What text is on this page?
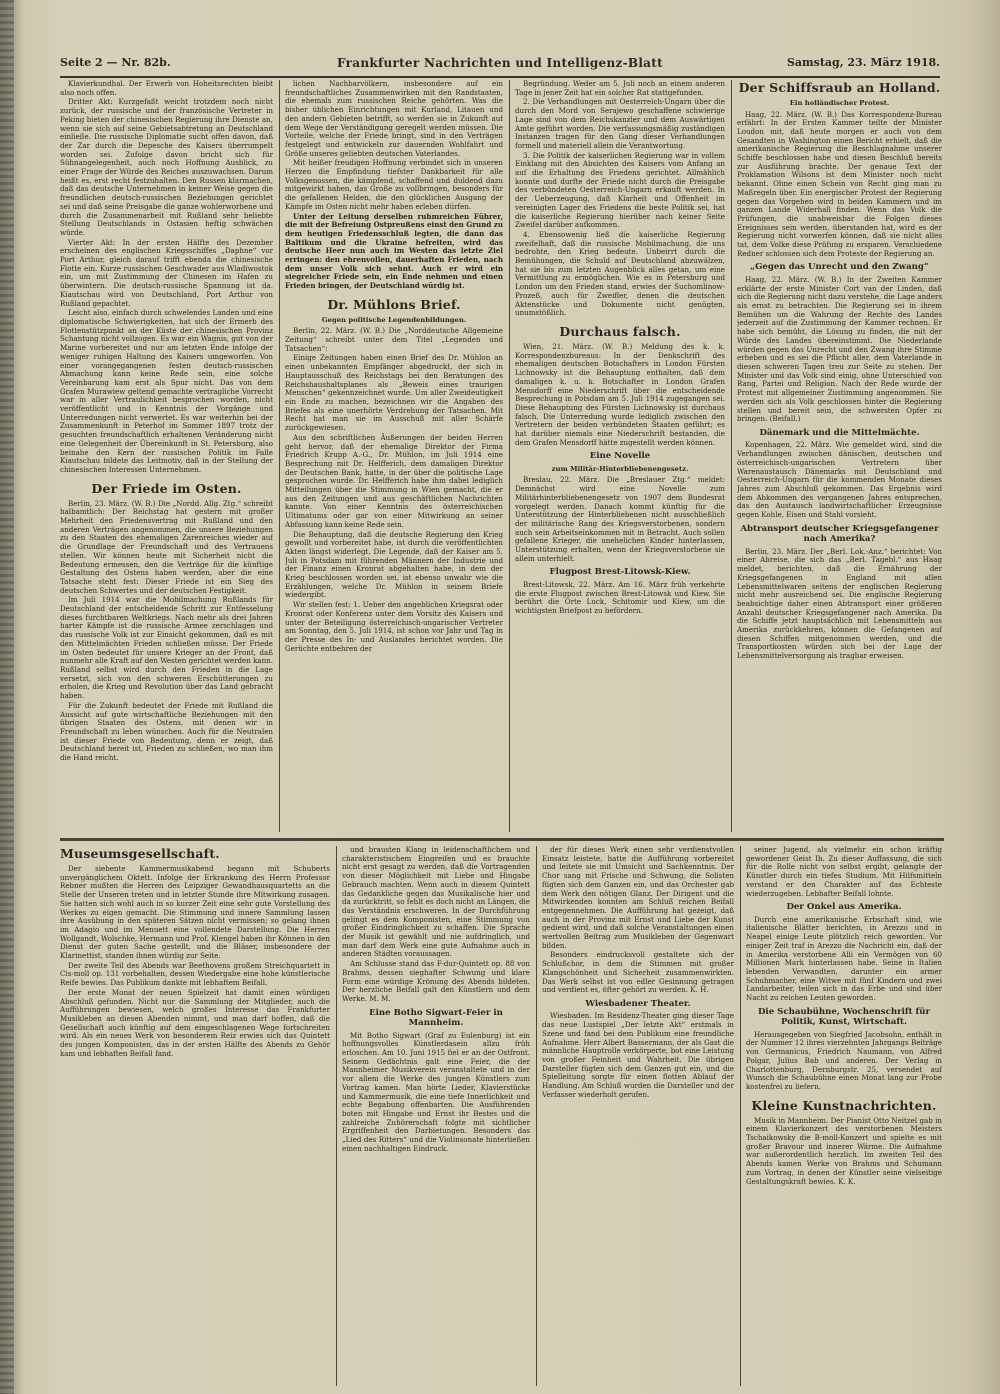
Seite 2 — Nr. 82b.	Frankfurter Nachrichten und Intelligenz-Blatt	Samstag, 23. März 1918.

Klavierkundhal. Der Erwerb von Hoheitsrechten bleibt also noch offen.

Dritter Akt: Kurzgefaßt weicht trotzdem noch nicht zurück, der russische und der französische Vertreter in Peking bieten der chinesischen Regierung ihre Dienste an, wenn sie sich auf seine Gebietsabtretung an Deutschland einließe. Die russische Diplomatie sucht offen davon, daß der Zar durch die Depesche des Kaisers überrumpelt worden sei. Zufolge davon bricht sich für Sühnangelegenheit, auch noch Hoffnung Ausblick, zu einer Frage der Würde des Reiches auszuwachsen. Darum heißt es, erst recht festzuhalten. Den Russen klarmachen, daß das deutsche Unternehmen in keiner Weise gegen die freundlichen deutsch-russischen Beziehungen gerichtet sei und daß seine Preisgabe die ganze wohlerworbene und durch die Zusammenarbeit mit Rußland sehr beliebte Stellung Deutschlands in Ostasien heftig schwächen würde.

Vierter Akt: In der ersten Hälfte des Dezember erscheinen des englischen Kriegsschiffes „Daphne“ vor Port Arthur, gleich darauf trifft ebenda die chinesische Flotte ein. Kurze russischen Geschwader aus Wladiwostok ein, um mit Zustimmung der Chinesen im Hafen zu überwintern. Die deutsch-russische Spannung ist da. Kiautschau wird von Deutschland, Port Arthur von Rußland gepachtet.

Leicht also, einfach durch schwelendes Landen und eine diplomatische Schwierigkeiten, hat sich der Ermerb des Flottenstützpunkt an der Küste der chinesischen Provinz Schantung nicht vollzogen. Es war ein Wagnis, gut von der Marine vorbereitet und nur am letzten Ende infolge der weniger ruhigen Haltung des Kaisers umgeworfen. Von einer vorangegangenen festen deutsch-russischen Abmachung kann keine Rede sein, eine solche Vereinbarung kam erst als Spur nicht. Das von dem Grafen Murawiew geltend gemachte vertragliche Vorrecht war in aller Vertraulichkeit besprochen worden, nicht veröffentlicht und in Kenntnis der Vorgänge und Unterredungen nicht verwertet. Es war weiterhin bei der Zusammenkunft in Peterhof im Sommer 1897 trotz der gesuchten freundschaftlich erhaltenen Veränderung nicht eine Gelegenheit der Übereinkunft in St. Petersburg, also beinahe den Kern der russischen Politik im Falle Kiautschau bildete das Leitmotiv, daß in der Stellung der chinesischen Interessen Unternehmen.

Der Friede im Osten.

Berlin, 23. März. (W. B.) Die „Nordd. Allg. Ztg.“ schreibt halbamtlich: Der Reichstag hat gestern mit großer Mehrheit den Friedensvertrag mit Rußland und den anderen Verträgen angenommen, die unsere Beziehungen zu den Staaten des ehemaligen Zarenreiches wieder auf die Grundlage der Freundschaft und des Vertrauens stellen. Wir können heute mit Sicherheit nicht die Bedeutung ermessen, den die Verträge für die künftige Gestaltung des Ostens haben werden, aber die eine Tatsache steht fest: Dieser Friede ist ein Sieg des deutschen Schwertes und der deutschen Festigkeit.

Im Juli 1914 war die Mobilmachung Rußlands für Deutschland der entscheidende Schritt zur Entfesselung dieses furchtbaren Weltkriegs. Nach mehr als drei Jahren harter Kämpfe ist die russische Armee zerschlagen und das russische Volk ist zur Einsicht gekommen, daß es mit den Mittelmächten Frieden schließen müsse. Der Friede im Osten bedeutet für unsere Krieger an der Front, daß nunmehr alle Kraft auf den Westen gerichtet werden kann. Rußland selbst wird durch den Frieden in die Lage versetzt, sich von den schweren Erschütterungen zu erholen, die Krieg und Revolution über das Land gebracht haben.

Für die Zukunft bedeutet der Friede mit Rußland die Aussicht auf gute wirtschaftliche Beziehungen mit den übrigen Staaten des Ostens, mit denen wir in Freundschaft zu leben wünschen. Auch für die Neutralen ist dieser Friede von Bedeutung, denn er zeigt, daß Deutschland bereit ist, Frieden zu schließen, wo man ihm die Hand reicht.

lichen Nachbarvölkern, insbesondere auf ein freundschaftliches Zusammenwirken mit den Randstaaten, die ehemals zum russischen Reiche gehörten. Was die bisher üblichen Einrichtungen mit Kurland, Litauen und den andern Gebieten betrifft, so werden sie in Zukunft auf dem Wege der Verständigung geregelt werden müssen. Die Vorteile, welche der Friede bringt, sind in den Verträgen festgelegt und entwickeln zur dauernden Wohlfahrt und Größe unseres geliebten deutschen Vaterlandes.

Mit heißer freudigen Hoffnung verbindet sich in unseren Herzen die Empfindung tiefster Dankbarkeit für alle Volksgenossen, die kämpfend, schaffend und duldend dazu mitgewirkt haben, das Große zu vollbringen, besonders für die gefallenen Helden, die den glücklichen Ausgang der Kämpfe im Osten nicht mehr haben erleben dürfen.

Unter der Leitung derselben ruhmreichen Führer, die mit der Befreiung Ostpreußens einst den Grund zu dem heutigen Friedensschluß legten, die dann das Baltikum und die Ukraine befreiten, wird das deutsche Heer nun auch im Westen das letzte Ziel erringen: den ehrenvollen, dauerhaften Frieden, nach dem unser Volk sich sehnt. Auch er wird ein siegreicher Friede sein, ein Ende nehmen und einen Frieden bringen, der Deutschland würdig ist.

Dr. Mühlons Brief.

Gegen politische Legendenbildungen.

Berlin, 22. März. (W. B.) Die „Norddeutsche Allgemeine Zeitung“ schreibt unter dem Titel „Legenden und Tatsachen“:

Einige Zeitungen haben einen Brief des Dr. Mühlon an einen unbekannten Empfänger abgedruckt, der sich in Hauptausschuß des Reichstags bei den Beratungen des Reichshaushaltsplanes als „Beweis eines traurigen Menschen“ gekennzeichnet wurde. Um aller Zweideutigkeit ein Ende zu machen, bezeichnen wir die Angaben des Briefes als eine unerhörte Verdrehung der Tatsachen. Mit Recht hat man sie im Ausschuß mit aller Schärfe zurückgewiesen.

Aus den schriftlichen Äußerungen der beiden Herren geht hervor, daß der ehemalige Direktor der Firma Friedrich Krupp A.-G., Dr. Mühlon, im Juli 1914 eine Besprechung mit Dr. Helfferich, dem damaligen Direktor der Deutschen Bank, hatte, in der über die politische Lage gesprochen wurde. Dr. Helfferich habe ihm dabei lediglich Mitteilungen über die Stimmung in Wien gemacht, die er aus den Zeitungen und aus geschäftlichen Nachrichten kannte. Von einer Kenntnis des österreichischen Ultimatums oder gar von einer Mitwirkung an seiner Abfassung kann keine Rede sein.

Die Behauptung, daß die deutsche Regierung den Krieg gewollt und vorbereitet habe, ist durch die veröffentlichten Akten längst widerlegt. Die Legende, daß der Kaiser am 5. Juli in Potsdam mit führenden Männern der Industrie und der Finanz einen Kronrat abgehalten habe, in dem der Krieg beschlossen worden sei, ist ebenso unwahr wie die Erzählungen, welche Dr. Mühlon in seinem Briefe wiedergibt.

Wir stellen fest: 1. Ueber den angeblichen Kriegsrat oder Kronrat oder Konferenz unter dem Vorsitz des Kaisers und unter der Beteiligung österreichisch-ungarischer Vertreter am Sonntag, den 5. Juli 1914, ist schon vor Jahr und Tag in der Presse des In- und Auslandes berichtet worden. Die Gerüchte entbehren der

Begründung. Weder am 5. Juli noch an einem anderen Tage in jener Zeit hat ein solcher Rat stattgefunden.

2. Die Verhandlungen mit Oesterreich-Ungarn über die durch den Mord von Serajewo geschaffene schwierige Lage sind von dem Reichskanzler und dem Auswärtigen Amte geführt worden. Die verfassungsmäßig zuständigen Instanzen tragen für den Gang dieser Verhandlungen formell und materiell allein die Verantwortung.

3. Die Politik der kaiserlichen Regierung war in vollem Einklang mit den Absichten des Kaisers vom Anfang an auf die Erhaltung des Friedens gerichtet. Allmählich konnte und durfte der Friede nicht durch die Preisgabe des verbündeten Oesterreich-Ungarn erkauft werden. In der Ueberzeugung, daß Klarheit und Offenheit im vereinigten Lager des Friedens die beste Politik sei, hat die kaiserliche Regierung hierüber nach keiner Seite Zweifel darüber aufkommen.

4. Ebensowenig ließ die kaiserliche Regierung zweifelhaft, daß die russische Mobilmachung, die uns bedrohte, den Krieg bedeute. Unbeirrt durch die Bemühungen, die Schuld auf Deutschland abzuwälzen, hat sie bis zum letzten Augenblick alles getan, um eine Vermittlung zu ermöglichen. Wie es in Petersburg und London um den Frieden stand, erwies der Suchomlinow-Prozeß, auch für Zweifler, denen die deutschen Aktenstücke und Dokumente nicht genügten, unumstößlich.

Durchaus falsch.

Wien, 21. März. (W. B.) Meldung des k. k. Korrespondenzbureaus: In der Denkschrift des ehemaligen deutschen Botschafters in London Fürsten Lichnowsky ist die Behauptung enthalten, daß dem damaligen k. u. k. Botschafter in London Grafen Mensdorff eine Niederschrift über die entscheidende Besprechung in Potsdam am 5. Juli 1914 zugegangen sei. Diese Behauptung des Fürsten Lichnowsky ist durchaus falsch. Die Unterredung wurde lediglich zwischen den Vertretern der beiden verbündeten Staaten geführt; es hat darüber niemals eine Niederschrift bestanden, die dem Grafen Mensdorff hätte zugestellt werden können.

Eine Novelle

zum Militär-Hinterbliebenengesetz.

Breslau, 22. März. Die „Breslauer Ztg.“ meldet: Demnächst wird eine Novelle zum Militärhinterbliebenengesetz von 1907 dem Bundesrat vorgelegt werden. Danach kommt künftig für die Unterstützung der Hinterbliebenen nicht ausschließlich der militärische Rang des Kriegsverstorbenen, sondern auch sein Arbeitseinkommen mit in Betracht. Auch sollen gefallene Krieger, die unehelichen Kinder hinterlassen, Unterstützung erhalten, wenn der Kriegsverstorbene sie allein unterhielt.

Flugpost Brest-Litowsk-Kiew.

Brest-Litowsk, 22. März. Am 16. März früh verkehrte die erste Flugpost zwischen Brest-Litowsk und Kiew. Sie berührt die Orte Luck, Schitomir und Kiew, um die wichtigsten Briefpost zu befördern.

Der Schiffsraub an Holland.

Ein holländischer Protest.

Haag, 22. März. (W. B.) Das Korrespondenz-Bureau erfährt: In der Ersten Kammer teilte der Minister Loudon mit, daß heute morgen er auch von dem Gesandten in Washington einen Bericht erhielt, daß die amerikanische Regierung die Beschlagnahme unserer Schiffe beschlossen habe und diesen Beschluß bereits zur Ausführung brachte. Der genaue Text der Proklamation Wilsons ist dem Minister noch nicht bekannt. Ohne einen Schein von Recht ging man zu Maßregeln über. Ein energischer Protest der Regierung gegen das Vorgehen wird in beiden Kammern und im ganzen Lande Widerhall finden. Wenn das Volk die Prüfungen, die unabweisbar die Folgen dieses Ereignisses sein werden, überstanden hat, wird es der Regierung nicht vorwerfen können, daß sie nicht alles tat, dem Volke diese Prüfung zu ersparen. Verschiedene Redner schlossen sich dem Proteste der Regierung an.

„Gegen das Unrecht und den Zwang“

Haag, 22. März. (W. B.) In der Zweiten Kammer erklärte der erste Minister Cort van der Linden, daß sich die Regierung nicht dazu verstehe, die Lage anders als ernst zu betrachten. Die Regierung sei in ihrem Bemühen um die Wahrung der Rechte des Landes jederzeit auf die Zustimmung der Kammer rechnen. Er habe sich bemüht, die Lösung zu finden, die mit der Würde des Landes übereinstimmt. Die Niederlande würden gegen das Unrecht und den Zwang ihre Stimme erheben und es sei die Pflicht aller, dem Vaterlande in diesen schweren Tagen treu zur Seite zu stehen. Der Minister und das Volk sind einig, ohne Unterschied von Rang, Partei und Religion. Nach der Rede wurde der Protest mit allgemeiner Zustimmung angenommen. Sie werden sich als Volk geschlossen hinter die Regierung stellen und bereit sein, die schwersten Opfer zu bringen. (Beifall.)

Dänemark und die Mittelmächte.

Kopenhagen, 22. März. Wie gemeldet wird, sind die Verhandlungen zwischen dänischen, deutschen und österreichisch-ungarischen Vertretern über Warenaustausch Dänemarks mit Deutschland und Oesterreich-Ungarn für die kommenden Monate dieses Jahres zum Abschluß gekommen. Das Ergebnis wird dem Abkommen des vergangenen Jahres entsprechen, das den Austausch landwirtschaftlicher Erzeugnisse gegen Kohle, Eisen und Stahl vorsieht.

Abtransport deutscher Kriegsgefangener nach Amerika?

Berlin, 23. März. Der „Berl. Lok.-Anz.“ berichtet: Von einer Abreise, die sich das „Berl. Tagebl.“ aus Haag meldet, berichten, daß die Ernährung der Kriegsgefangenen in England mit allen Lebensmittelwaren seitens der englischen Regierung nicht mehr ausreichend sei. Die englische Regierung beabsichtige daher einen Abtransport einer größeren Anzahl deutscher Kriegsgefangener nach Amerika. Da die Schiffe jetzt hauptsächlich mit Lebensmitteln aus Amerika zurückkehren, können die Gefangenen auf diesen Schiffen mitgenommen werden, und die Transportkosten würden sich bei der Lage der Lebensmittelversorgung als tragbar erweisen.

Museumsgesellschaft.

Der siebente Kammermusikabend begann mit Schuberts unvergänglichem Oktett. Infolge der Erkrankung des Herrn Professor Rebner mußten die Herren des Leipziger Gewandhausquartetts an die Stelle der Unseren treten und in letzter Stunde ihre Mitwirkung zusagen. Sie hatten sich wohl auch in so kurzer Zeit eine sehr gute Vorstellung des Werkes zu eigen gemacht. Die Stimmung und innere Sammlung lassen ihre Ausübung in den späteren Sätzen nicht vermissen; so gelang ihnen im Adagio und im Menuett eine vollendete Darstellung. Die Herren Wollgandt, Wolschke, Hermann und Prof. Klengel haben ihr Können in den Dienst der guten Sache gestellt, und die Bläser, insbesondere der Klarinettist, standen ihnen würdig zur Seite.

Der zweite Teil des Abends war Beethovens großem Streichquartett in Cis-moll op. 131 vorbehalten, dessen Wiedergabe eine hohe künstlerische Reife bewies. Das Publikum dankte mit lebhaftem Beifall.

Der erste Monat der neuen Spielzeit hat damit einen würdigen Abschluß gefunden. Nicht nur die Sammlung der Mitglieder, auch die Aufführungen bewiesen, welch großes Interesse das Frankfurter Musikleben an diesen Abenden nimmt, und man darf hoffen, daß die Gesellschaft auch künftig auf dem eingeschlagenen Wege fortschreiten wird. Als ein neues Werk von besonderem Reiz erwies sich das Quintett des jungen Komponisten, das in der ersten Hälfte des Abends zu Gehör kam und lebhaften Beifall fand.

und brausten Klang in leidenschaftlichem und charakteristischem Eingreifen und es brauchte nicht erst gesagt zu werden, daß die Vortragenden von dieser Möglichkeit mit Liebe und Hingabe Gebrauch machten. Wenn auch in diesem Quintett das Gedankliche gegen das Musikalische hier und da zurücktritt, so fehlt es doch nicht an Längen, die das Verständnis erschweren. In der Durchführung gelingt es dem Komponisten, eine Stimmung von großer Eindringlichkeit zu schaffen. Die Sprache der Musik ist gewählt und nie aufdringlich, und man darf dem Werk eine gute Aufnahme auch in anderen Städten voraussagen.

Am Schlusse stand das F-dur-Quintett op. 88 von Brahms, dessen sieghafter Schwung und klare Form eine würdige Krönung des Abends bildeten. Der herzliche Beifall galt den Künstlern und dem Werke. M. M.

Eine Botho Sigwart-Feier in Mannheim.

Mit Botho Sigwart (Graf zu Eulenburg) ist ein hoffnungsvolles Künstlerdasein allzu früh erloschen. Am 10. Juni 1915 fiel er an der Ostfront. Seinem Gedächtnis galt eine Feier, die der Mannheimer Musikverein veranstaltete und in der vor allem die Werke des jungen Künstlers zum Vortrag kamen. Man hörte Lieder, Klavierstücke und Kammermusik, die eine tiefe Innerlichkeit und echte Begabung offenbarten. Die Ausführenden boten mit Hingabe und Ernst ihr Bestes und die zahlreiche Zuhörerschaft folgte mit sichtlicher Ergriffenheit den Darbietungen. Besonders das „Lied des Ritters“ und die Violinsonate hinterließen einen nachhaltigen Eindruck.

der für dieses Werk einen sehr verdienstvollen Einsatz leistete, hatte die Aufführung vorbereitet und leitete sie mit Umsicht und Sachkenntnis. Der Chor sang mit Frische und Schwung, die Solisten fügten sich dem Ganzen ein, und das Orchester gab dem Werk den nötigen Glanz. Der Dirigent und die Mitwirkenden konnten am Schluß reichen Beifall entgegennehmen. Die Aufführung hat gezeigt, daß auch in der Provinz mit Ernst und Liebe der Kunst gedient wird, und daß solche Veranstaltungen einen wertvollen Beitrag zum Musikleben der Gegenwart bilden.

Besonders eindrucksvoll gestaltete sich der Schlußchor, in dem die Stimmen mit großer Klangschönheit und Sicherheit zusammenwirkten. Das Werk selbst ist von edler Gesinnung getragen und verdient es, öfter gehört zu werden. K. H.

Wiesbadener Theater.

Wiesbaden. Im Residenz-Theater ging dieser Tage das neue Lustspiel „Der letzte Akt“ erstmals in Szene und fand bei dem Publikum eine freundliche Aufnahme. Herr Albert Bassermann, der als Gast die männliche Hauptrolle verkörperte, bot eine Leistung von großer Feinheit und Wahrheit. Die übrigen Darsteller fügten sich dem Ganzen gut ein, und die Spielleitung sorgte für einen flotten Ablauf der Handlung. Am Schluß wurden die Darsteller und der Verfasser wiederholt gerufen.

seiner Jugend, als vielmehr ein schon kräftig gewordener Geist Ib. Zu dieser Auffassung, die sich für die Rolle nicht von selbst ergibt, gelangte der Künstler durch ein tiefes Studium. Mit Hilfsmitteln verstand er den Charakter auf das Echteste wiederzugeben. Lebhafter Beifall lohnte.

Der Onkel aus Amerika.

Durch eine amerikanische Erbschaft sind, wie italienische Blätter berichten, in Arezzo und in Neapel einige Leute plötzlich reich geworden. Vor einiger Zeit traf in Arezzo die Nachricht ein, daß der in Amerika verstorbene Alli ein Vermögen von 60 Millionen Mark hinterlassen habe. Seine in Italien lebenden Verwandten, darunter ein armer Schuhmacher, eine Witwe mit fünf Kindern und zwei Landarbeiter, teilen sich in das Erbe und sind über Nacht zu reichen Leuten geworden.

Die Schaubühne, Wochenschrift für Politik, Kunst, Wirtschaft.

Herausgegeben von Siegfried Jacobsohn, enthält in der Nummer 12 ihres vierzehnten Jahrgangs Beiträge von Germanicus, Friedrich Naumann, von Alfred Polgar, Julius Bab und anderen. Der Verlag in Charlottenburg, Dernburgstr. 25, versendet auf Wunsch die Schaubühne einen Monat lang zur Probe kostenfrei zu liefern.

Kleine Kunstnachrichten.

Musik in Mannheim. Der Pianist Otto Neitzel gab in einem Klavierkonzert des verstorbenen Meisters Tschaikowsky die B-moll-Konzert und spielte es mit großer Bravour und innerer Wärme. Die Aufnahme war außerordentlich herzlich. Im zweiten Teil des Abends kamen Werke von Brahms und Schumann zum Vortrag, in denen der Künstler seine vielseitige Gestaltungskraft bewies. K. K.
